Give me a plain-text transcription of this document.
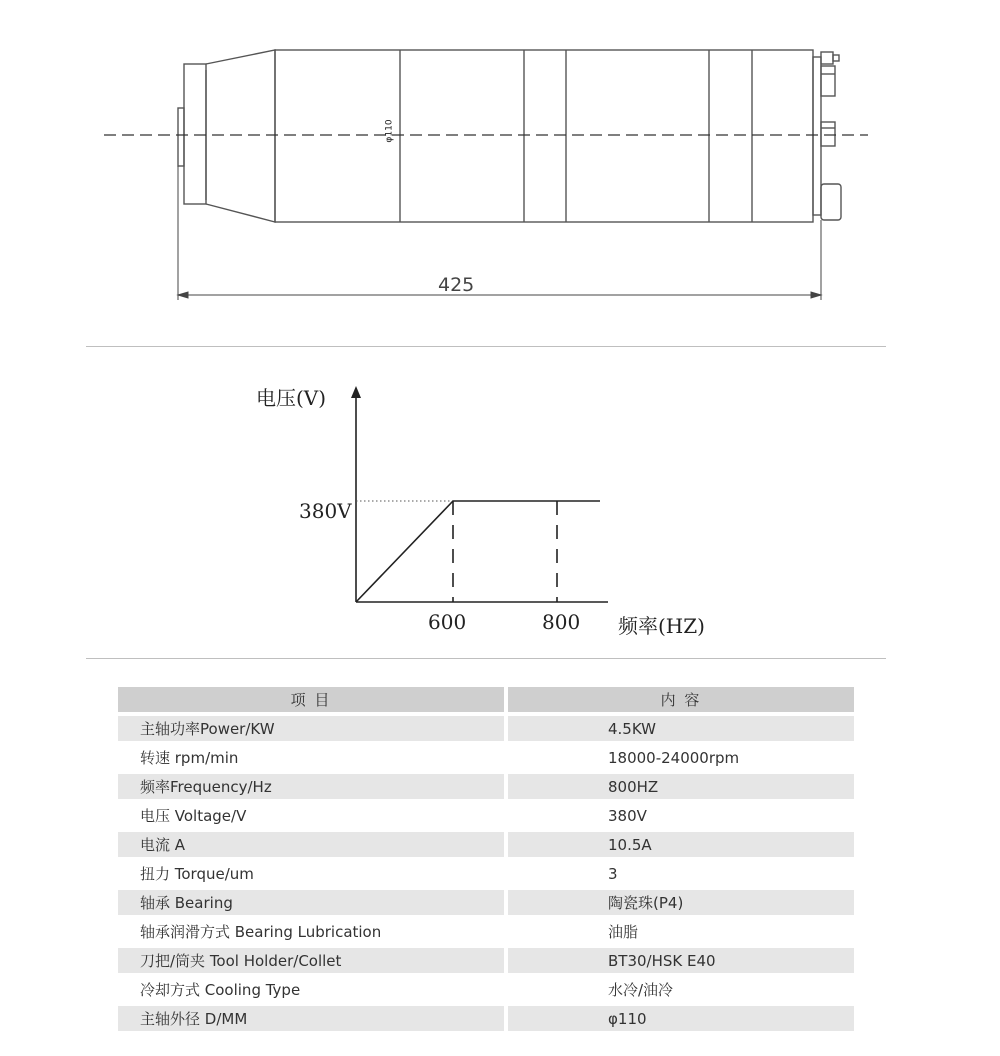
φ110
425
电压(V)
380V
600	800 频率(HZ)
项 目		内 容
主轴功率Power/KW		4.5KW
转速 rpm/min		18000-24000rpm
频率Frequency/Hz		800HZ
电压 Voltage/V		380V
电流 A		10.5A
扭力 Torque/um		3
轴承 Bearing		陶瓷珠(P4)
轴承润滑方式 Bearing Lubrication		油脂
刀把/筒夹 Tool Holder/Collet		BT30/HSK E40
冷却方式 Cooling Type		水冷/油冷
主轴外径 D/MM		φ110
